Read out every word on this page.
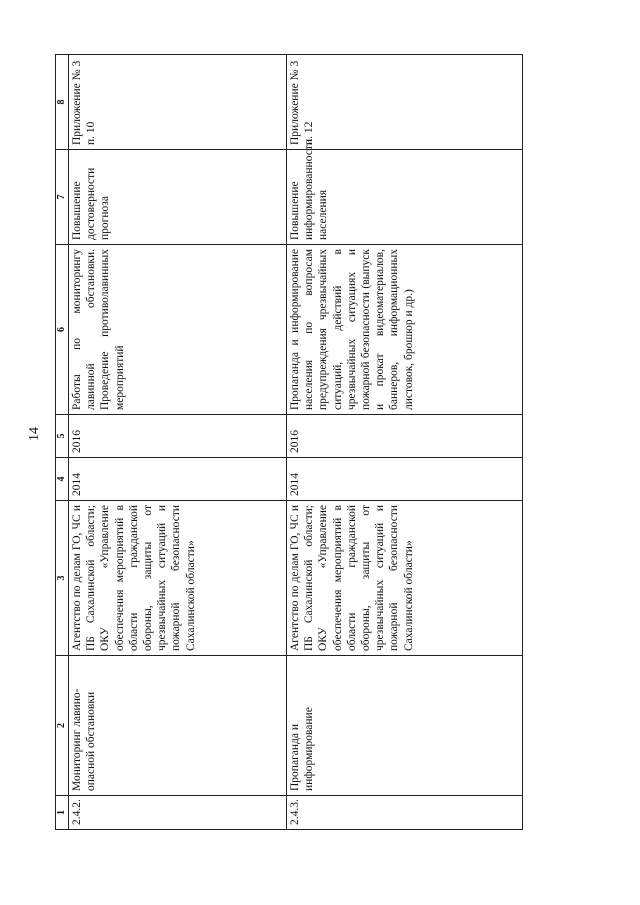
14
1	2	3	4	5	6	7	8
2.4.2.	Мониторинг лавино-опасной обстановки	Агентство по делам ГО, ЧС и ПБ Сахалинской области; ОКУ «Управление обеспечения мероприятий в области гражданской обороны, защиты от чрезвычайных ситуаций и пожарной безопасности Сахалинской области»	2014	2016	Работы по мониторингу лавинной обстановки. Проведение противолавинных мероприятий	Повышение достоверности прогноза	Приложение № 3 п. 10
2.4.3.	Пропаганда и информирование	Агентство по делам ГО, ЧС и ПБ Сахалинской области; ОКУ «Управление обеспечения мероприятий в области гражданской обороны, защиты от чрезвычайных ситуаций и пожарной безопасности Сахалинской области»	2014	2016	Пропаганда и информирование населения по вопросам предупреждения чрезвычайных ситуаций, действий в чрезвычайных ситуациях и пожарной безопасности (выпуск и прокат видеоматериалов, баннеров, информационных листовок, брошюр и др.)	Повышение информированности населения	Приложение № 3 п. 12
